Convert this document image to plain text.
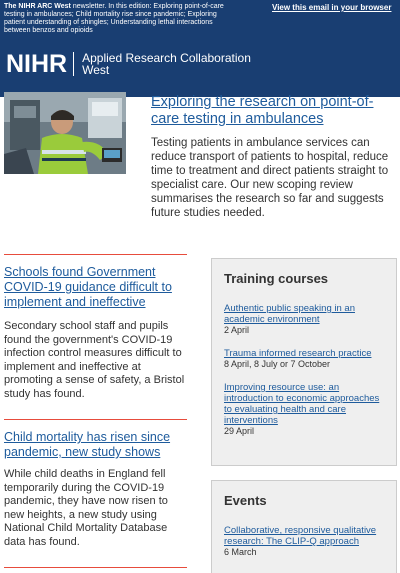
The NIHR ARC West newsletter. In this edition: Exploring point-of-care testing in ambulances; Child mortality rise since pandemic; Exploring patient understanding of shingles; Understanding lethal interactions between benzos and opioids
View this email in your browser
NIHR Applied Research Collaboration
West
Exploring the research on point-of-care testing in ambulances

Testing patients in ambulance services can reduce transport of patients to hospital, reduce time to treatment and direct patients straight to specialist care. Our new scoping review summarises the research so far and suggests future studies needed.

Schools found Government COVID-19 guidance difficult to implement and ineffective

Secondary school staff and pupils found the government's COVID-19 infection control measures difficult to implement and ineffective at promoting a sense of safety, a Bristol study has found.

Child mortality has risen since pandemic, new study shows

While child deaths in England fell temporarily during the COVID-19 pandemic, they have now risen to new heights, a new study using National Child Mortality Database data has found.

Training courses
Authentic public speaking in an academic environment
2 April
Trauma informed research practice
8 April, 8 July or 7 October
Improving resource use: an introduction to economic approaches to evaluating health and care interventions
29 April
Events
Collaborative, responsive qualitative research: The CLIP-Q approach
6 March
